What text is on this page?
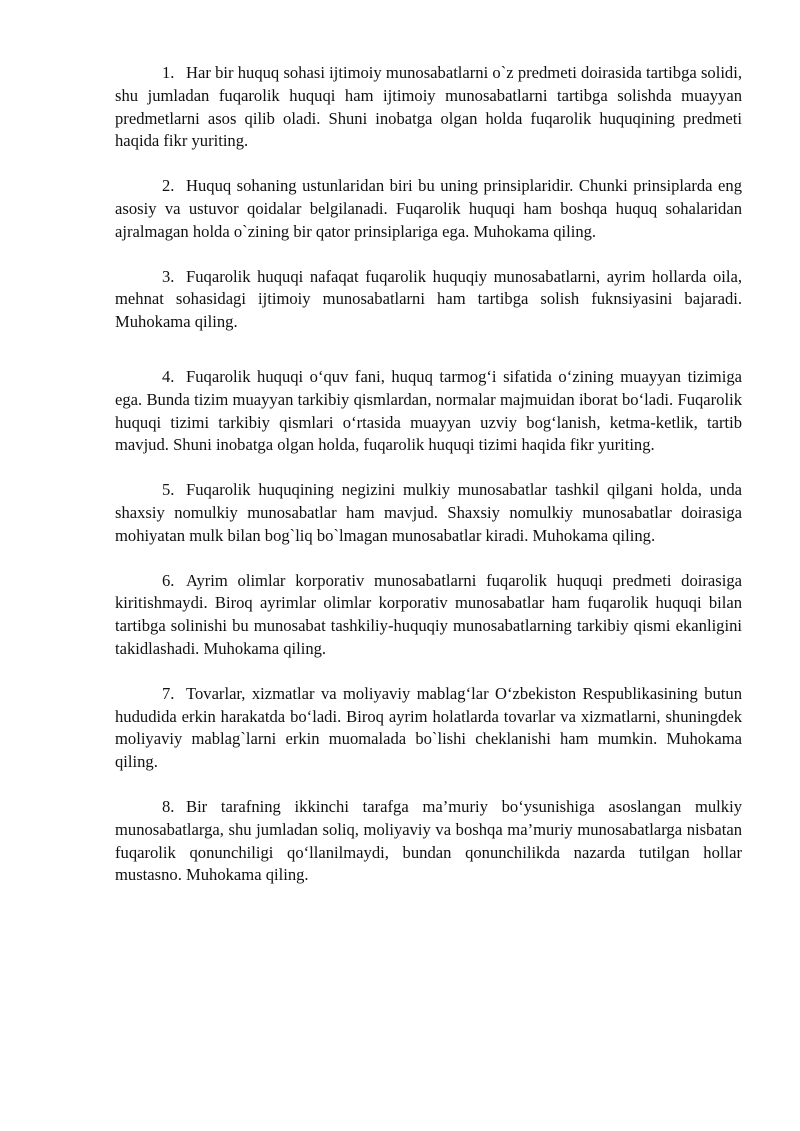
1. Har bir huquq sohasi ijtimoiy munosabatlarni o`z predmeti doirasida tartibga solidi, shu jumladan fuqarolik huquqi ham ijtimoiy munosabatlarni tartibga solishda muayyan predmetlarni asos qilib oladi. Shuni inobatga olgan holda fuqarolik huquqining predmeti haqida fikr yuriting.

2. Huquq sohaning ustunlaridan biri bu uning prinsiplaridir. Chunki prinsiplarda eng asosiy va ustuvor qoidalar belgilanadi. Fuqarolik huquqi ham boshqa huquq sohalaridan ajralmagan holda o`zining bir qator prinsiplariga ega. Muhokama qiling.

3. Fuqarolik huquqi nafaqat fuqarolik huquqiy munosabatlarni, ayrim hollarda oila, mehnat sohasidagi ijtimoiy munosabatlarni ham tartibga solish fuknsiyasini bajaradi. Muhokama qiling.

4. Fuqarolik huquqi o‘quv fani, huquq tarmog‘i sifatida o‘zining muayyan tizimiga ega. Bunda tizim muayyan tarkibiy qismlardan, normalar majmuidan iborat bo‘ladi. Fuqarolik huquqi tizimi tarkibiy qismlari o‘rtasida muayyan uzviy bog‘lanish, ketma-ketlik, tartib mavjud. Shuni inobatga olgan holda, fuqarolik huquqi tizimi haqida fikr yuriting.

5. Fuqarolik huquqining negizini mulkiy munosabatlar tashkil qilgani holda, unda shaxsiy nomulkiy munosabatlar ham mavjud. Shaxsiy nomulkiy munosabatlar doirasiga mohiyatan mulk bilan bog`liq bo`lmagan munosabatlar kiradi. Muhokama qiling.

6. Ayrim olimlar korporativ munosabatlarni fuqarolik huquqi predmeti doirasiga kiritishmaydi. Biroq ayrimlar olimlar korporativ munosabatlar ham fuqarolik huquqi bilan tartibga solinishi bu munosabat tashkiliy-huquqiy munosabatlarning tarkibiy qismi ekanligini takidlashadi. Muhokama qiling.

7. Tovarlar, xizmatlar va moliyaviy mablag‘lar O‘zbekiston Respublikasining butun hududida erkin harakatda bo‘ladi. Biroq ayrim holatlarda tovarlar va xizmatlarni, shuningdek moliyaviy mablag`larni erkin muomalada bo`lishi cheklanishi ham mumkin. Muhokama qiling.

8. Bir tarafning ikkinchi tarafga ma’muriy bo‘ysunishiga asoslangan mulkiy munosabatlarga, shu jumladan soliq, moliyaviy va boshqa ma’muriy munosabatlarga nisbatan fuqarolik qonunchiligi qo‘llanilmaydi, bundan qonunchilikda nazarda tutilgan hollar mustasno. Muhokama qiling.
